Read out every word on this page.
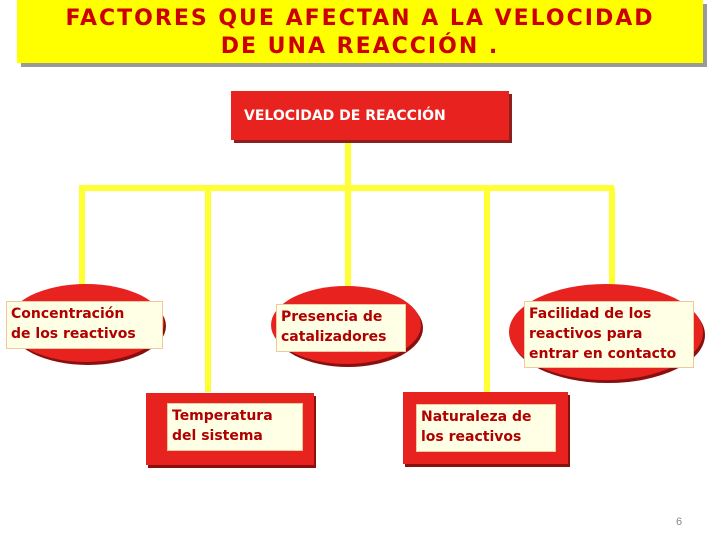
FACTORES QUE AFECTAN A LA VELOCIDAD
DE UNA REACCIÓN .
VELOCIDAD DE REACCIÓN
Concentración
de los reactivos
Temperatura
del sistema
Presencia de
catalizadores
Naturaleza de
los reactivos
Facilidad de los
reactivos para
entrar en contacto
6
